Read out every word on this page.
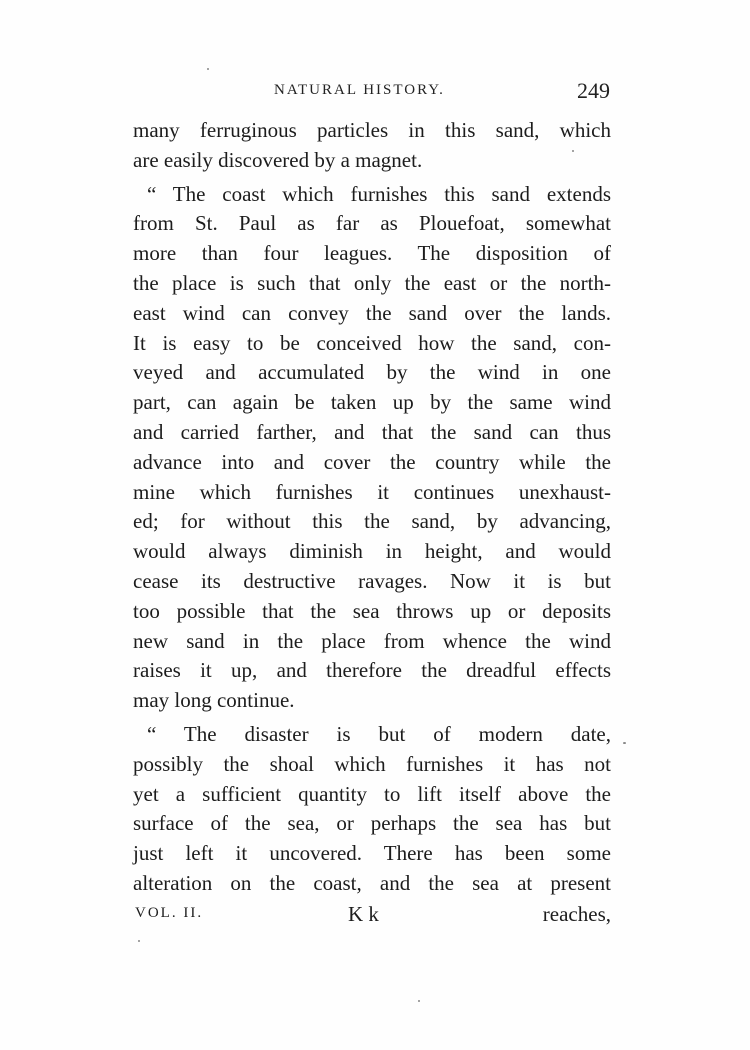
NATURAL HISTORY.	249
many ferruginous particles in this sand, which
are easily discovered by a magnet.
“ The coast which furnishes this sand extends
from St. Paul as far as Plouefoat, somewhat
more than four leagues. The disposition of
the place is such that only the east or the north-
east wind can convey the sand over the lands.
It is easy to be conceived how the sand, con-
veyed and accumulated by the wind in one
part, can again be taken up by the same wind
and carried farther, and that the sand can thus
advance into and cover the country while the
mine which furnishes it continues unexhaust-
ed; for without this the sand, by advancing,
would always diminish in height, and would
cease its destructive ravages. Now it is but
too possible that the sea throws up or deposits
new sand in the place from whence the wind
raises it up, and therefore the dreadful effects
may long continue.
“ The disaster is but of modern date,
possibly the shoal which furnishes it has not
yet a sufficient quantity to lift itself above the
surface of the sea, or perhaps the sea has but
just left it uncovered. There has been some
alteration on the coast, and the sea at present
VOL. II.	K k	reaches,
